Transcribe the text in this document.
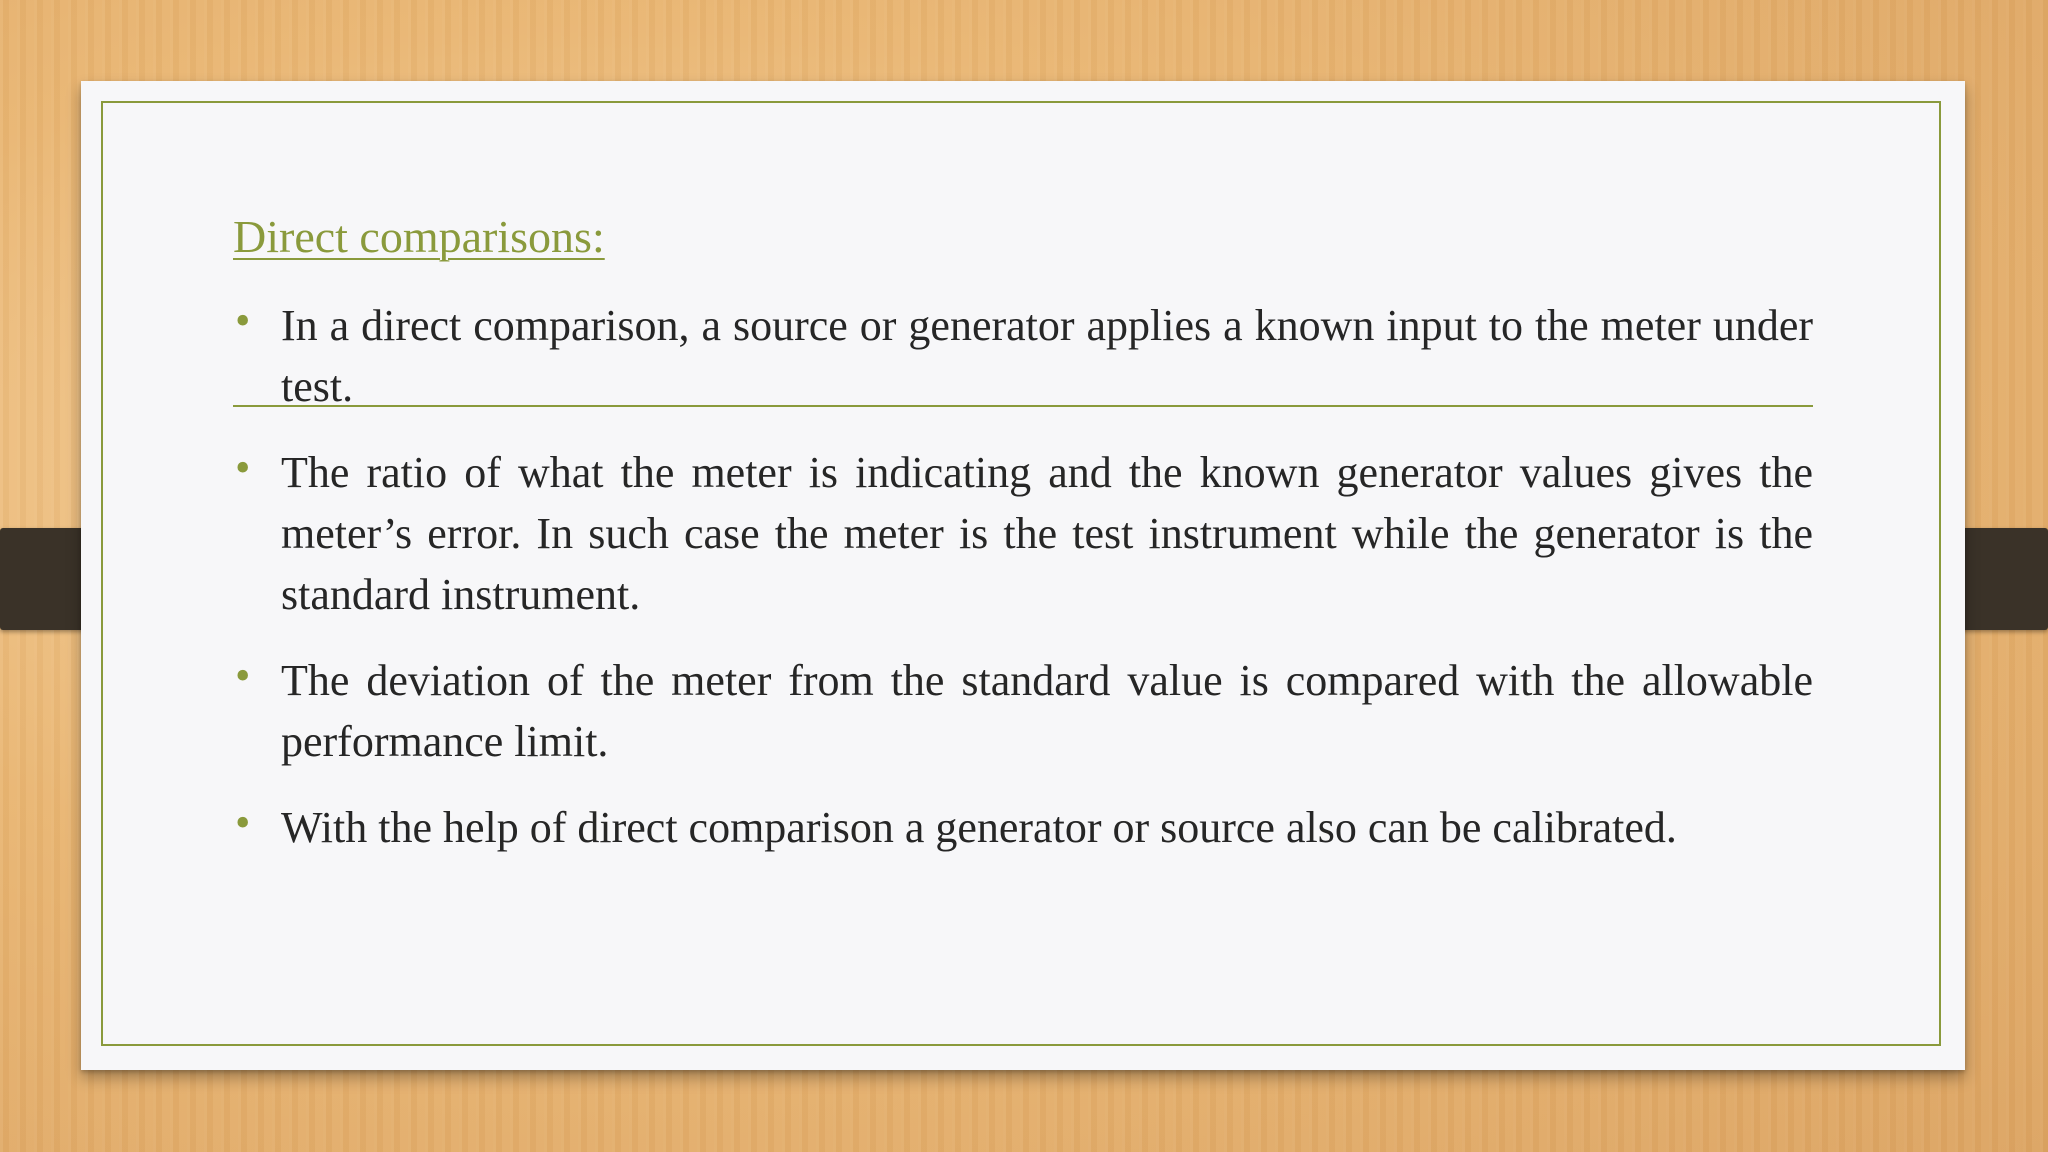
Direct comparisons:
• In a direct comparison, a source or generator applies a known input to the meter under test.
• The ratio of what the meter is indicating and the known generator values gives the meter’s error. In such case the meter is the test instrument while the generator is the standard instrument.
• The deviation of the meter from the standard value is compared with the allowable performance limit.
• With the help of direct comparison a generator or source also can be calibrated.
